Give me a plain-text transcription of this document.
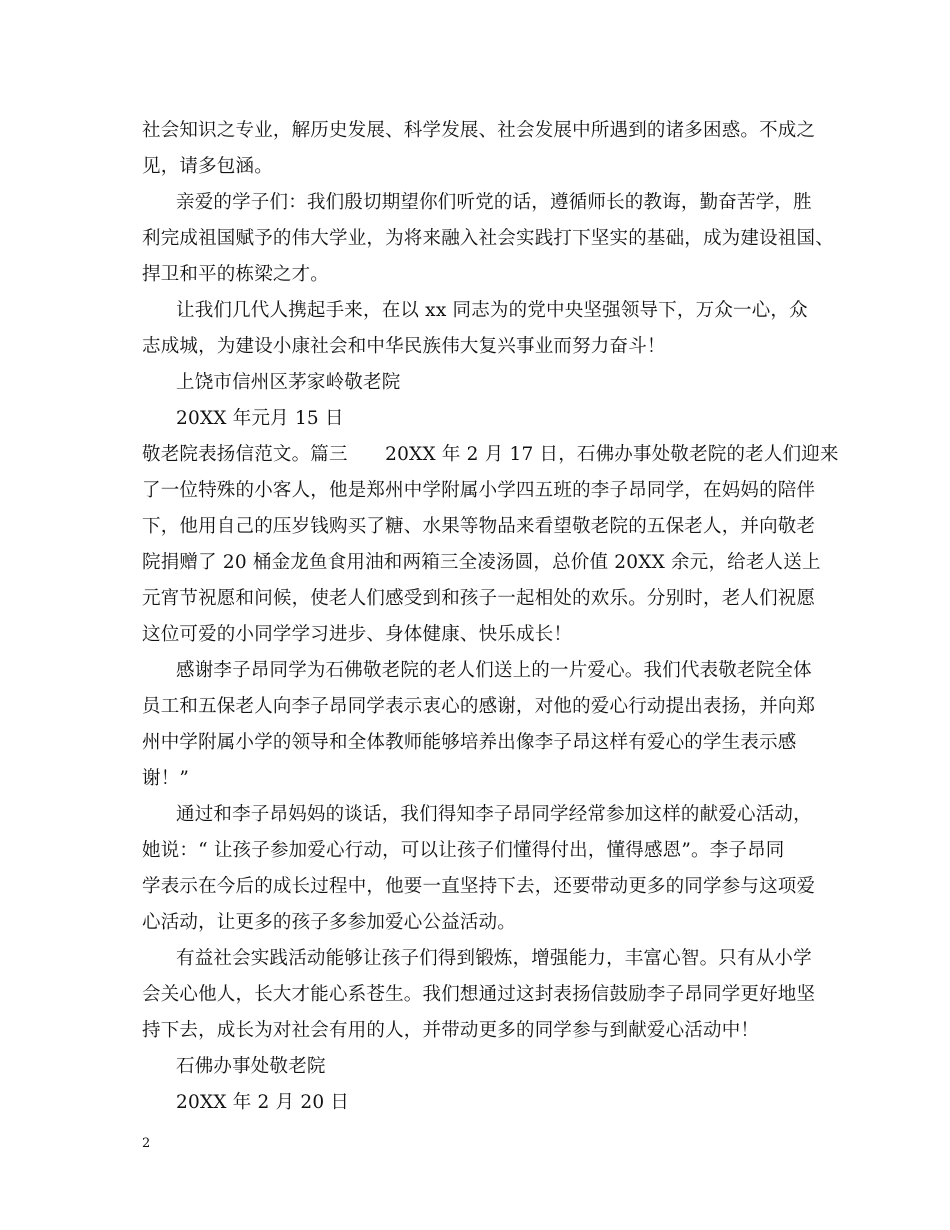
社会知识之专业，解历史发展、科学发展、社会发展中所遇到的诸多困惑。不成之
见，请多包涵。
亲爱的学子们：我们殷切期望你们听党的话，遵循师长的教诲，勤奋苦学，胜
利完成祖国赋予的伟大学业，为将来融入社会实践打下坚实的基础，成为建设祖国、
捍卫和平的栋梁之才。
让我们几代人携起手来，在以 xx 同志为的党中央坚强领导下，万众一心，众
志成城，为建设小康社会和中华民族伟大复兴事业而努力奋斗！
上饶市信州区茅家岭敬老院
20XX 年元月 15 日
敬老院表扬信范文。篇三　　20XX 年 2 月 17 日，石佛办事处敬老院的老人们迎来
了一位特殊的小客人，他是郑州中学附属小学四五班的李子昂同学，在妈妈的陪伴
下，他用自己的压岁钱购买了糖、水果等物品来看望敬老院的五保老人，并向敬老
院捐赠了 20 桶金龙鱼食用油和两箱三全凌汤圆，总价值 20XX 余元，给老人送上
元宵节祝愿和问候，使老人们感受到和孩子一起相处的欢乐。分别时，老人们祝愿
这位可爱的小同学学习进步、身体健康、快乐成长！
感谢李子昂同学为石佛敬老院的老人们送上的一片爱心。我们代表敬老院全体
员工和五保老人向李子昂同学表示衷心的感谢，对他的爱心行动提出表扬，并向郑
州中学附属小学的领导和全体教师能够培养出像李子昂这样有爱心的学生表示感
谢！”
通过和李子昂妈妈的谈话，我们得知李子昂同学经常参加这样的献爱心活动，
她说：“ 让孩子参加爱心行动，可以让孩子们懂得付出，懂得感恩”。李子昂同
学表示在今后的成长过程中，他要一直坚持下去，还要带动更多的同学参与这项爱
心活动，让更多的孩子多参加爱心公益活动。
有益社会实践活动能够让孩子们得到锻炼，增强能力，丰富心智。只有从小学
会关心他人，长大才能心系苍生。我们想通过这封表扬信鼓励李子昂同学更好地坚
持下去，成长为对社会有用的人，并带动更多的同学参与到献爱心活动中！
石佛办事处敬老院
20XX 年 2 月 20 日
2
